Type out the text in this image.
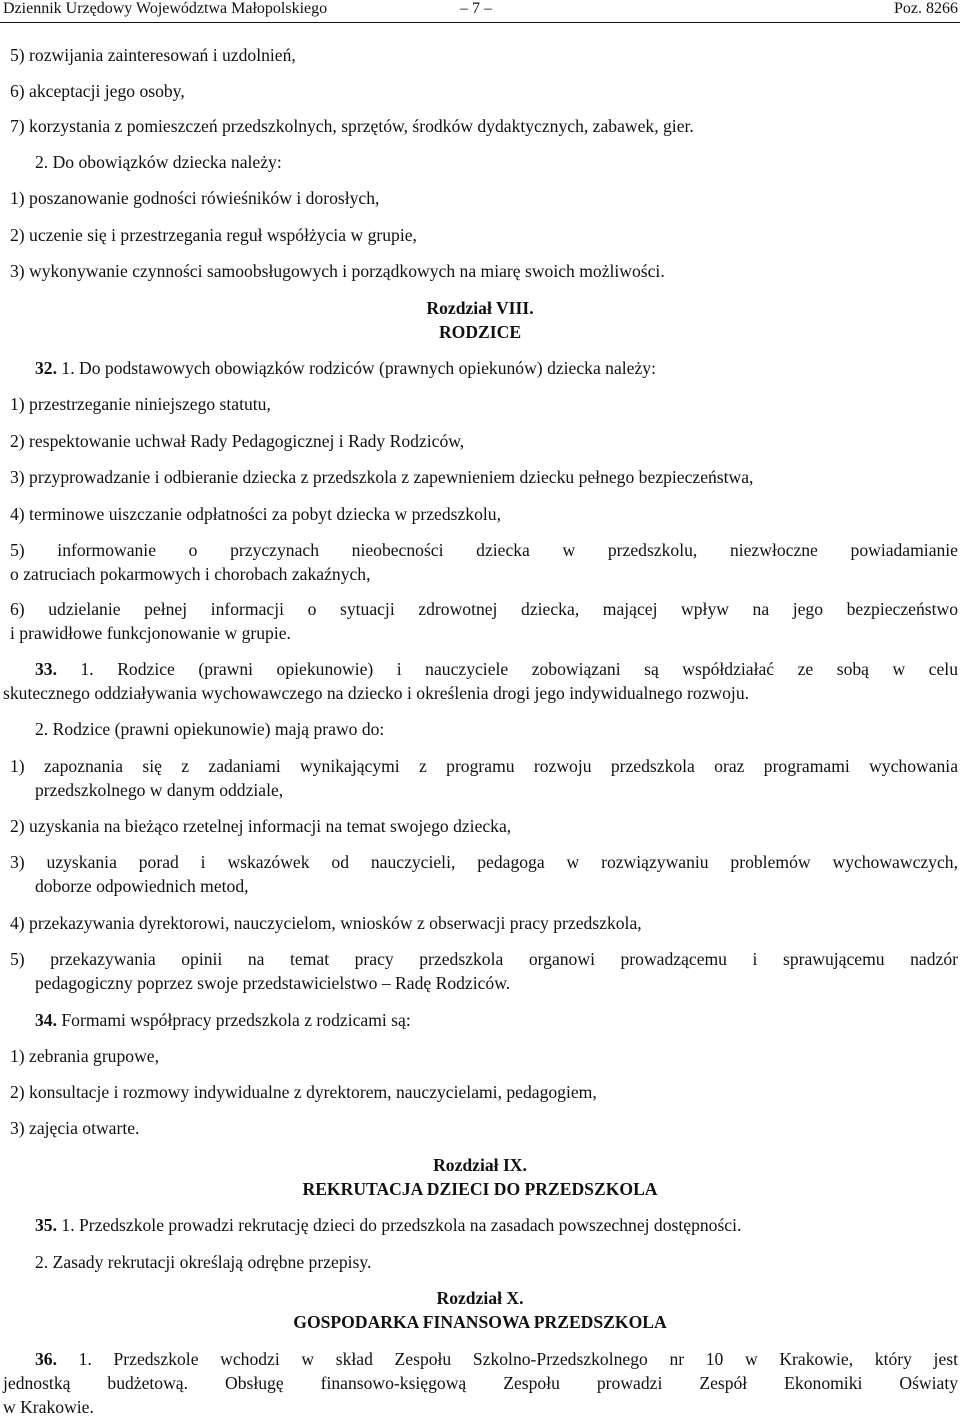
Dziennik Urzędowy Województwa Małopolskiego	– 7 –	Poz. 8266
5) rozwijania zainteresowań i uzdolnień,
6) akceptacji jego osoby,
7) korzystania z pomieszczeń przedszkolnych, sprzętów, środków dydaktycznych, zabawek, gier.
2. Do obowiązków dziecka należy:
1) poszanowanie godności rówieśników i dorosłych,
2) uczenie się i przestrzegania reguł współżycia w grupie,
3) wykonywanie czynności samoobsługowych i porządkowych na miarę swoich możliwości.
Rozdział VIII.
RODZICE
32. 1. Do podstawowych obowiązków rodziców (prawnych opiekunów) dziecka należy:
1) przestrzeganie niniejszego statutu,
2) respektowanie uchwał Rady Pedagogicznej i Rady Rodziców,
3) przyprowadzanie i odbieranie dziecka z przedszkola z zapewnieniem dziecku pełnego bezpieczeństwa,
4) terminowe uiszczanie odpłatności za pobyt dziecka w przedszkolu,
5) informowanie o przyczynach nieobecności dziecka w przedszkolu, niezwłoczne powiadamianie
o zatruciach pokarmowych i chorobach zakaźnych,
6) udzielanie pełnej informacji o sytuacji zdrowotnej dziecka, mającej wpływ na jego bezpieczeństwo
i prawidłowe funkcjonowanie w grupie.
33. 1. Rodzice (prawni opiekunowie) i nauczyciele zobowiązani są współdziałać ze sobą w celu
skutecznego oddziaływania wychowawczego na dziecko i określenia drogi jego indywidualnego rozwoju.
2. Rodzice (prawni opiekunowie) mają prawo do:
1) zapoznania się z zadaniami wynikającymi z programu rozwoju przedszkola oraz programami wychowania
przedszkolnego w danym oddziale,
2) uzyskania na bieżąco rzetelnej informacji na temat swojego dziecka,
3) uzyskania porad i wskazówek od nauczycieli, pedagoga w rozwiązywaniu problemów wychowawczych,
doborze odpowiednich metod,
4) przekazywania dyrektorowi, nauczycielom, wniosków z obserwacji pracy przedszkola,
5) przekazywania opinii na temat pracy przedszkola organowi prowadzącemu i sprawującemu nadzór
pedagogiczny poprzez swoje przedstawicielstwo – Radę Rodziców.
34. Formami współpracy przedszkola z rodzicami są:
1) zebrania grupowe,
2) konsultacje i rozmowy indywidualne z dyrektorem, nauczycielami, pedagogiem,
3) zajęcia otwarte.
Rozdział IX.
REKRUTACJA DZIECI DO PRZEDSZKOLA
35. 1. Przedszkole prowadzi rekrutację dzieci do przedszkola na zasadach powszechnej dostępności.
2. Zasady rekrutacji określają odrębne przepisy.
Rozdział X.
GOSPODARKA FINANSOWA PRZEDSZKOLA
36. 1. Przedszkole wchodzi w skład Zespołu Szkolno-Przedszkolnego nr 10 w Krakowie, który jest
jednostką budżetową. Obsługę finansowo-księgową Zespołu prowadzi Zespół Ekonomiki Oświaty
w Krakowie.
